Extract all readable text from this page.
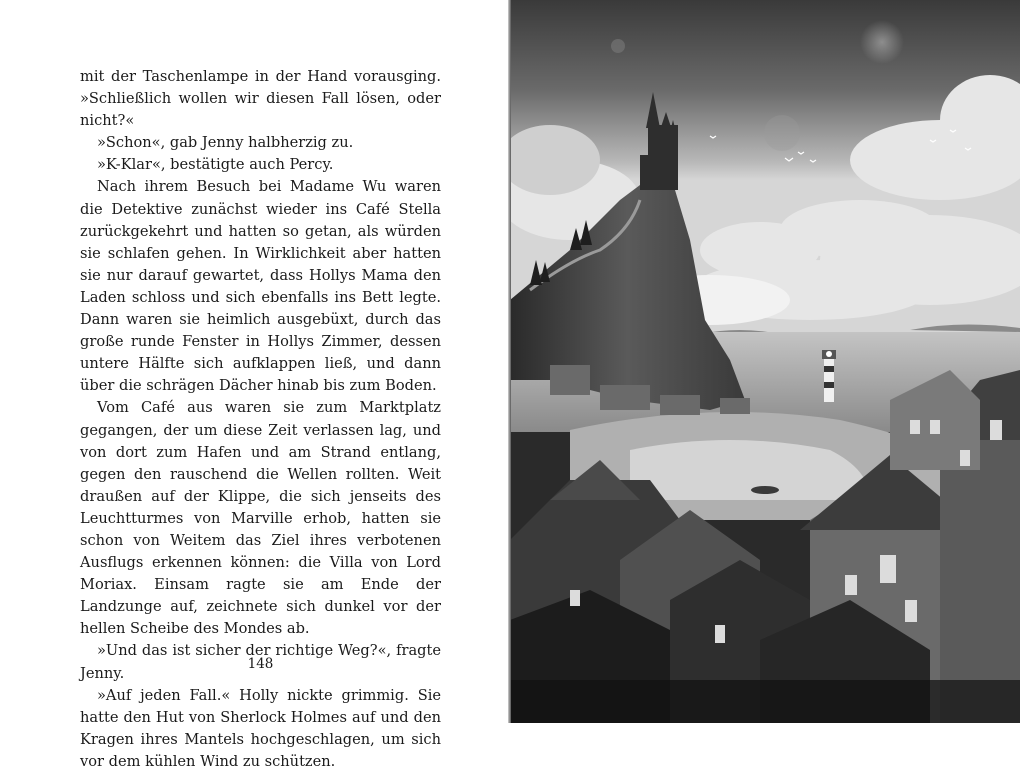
mit der Taschenlampe in der Hand vorausging. »Schließlich wollen wir diesen Fall lösen, oder nicht?«

»Schon«, gab Jenny halbherzig zu.

»K-Klar«, bestätigte auch Percy.

Nach ihrem Besuch bei Madame Wu waren die Detektive zunächst wieder ins Café Stella zurückgekehrt und hatten so getan, als würden sie schlafen gehen. In Wirklichkeit aber hatten sie nur darauf gewartet, dass Hollys Mama den Laden schloss und sich ebenfalls ins Bett legte. Dann waren sie heimlich ausgebüxt, durch das große runde Fenster in Hollys Zimmer, dessen untere Hälfte sich aufklappen ließ, und dann über die schrägen Dächer hinab bis zum Boden.

Vom Café aus waren sie zum Marktplatz gegangen, der um diese Zeit verlassen lag, und von dort zum Hafen und am Strand entlang, gegen den rauschend die Wellen rollten. Weit draußen auf der Klippe, die sich jenseits des Leuchtturmes von Marville erhob, hatten sie schon von Weitem das Ziel ihres verbotenen Ausflugs erkennen können: die Villa von Lord Moriax. Einsam ragte sie am Ende der Landzunge auf, zeichnete sich dunkel vor der hellen Scheibe des Mondes ab.

»Und das ist sicher der richtige Weg?«, fragte Jenny.

»Auf jeden Fall.« Holly nickte grimmig. Sie hatte den Hut von Sherlock Holmes auf und den Kragen ihres Mantels hochgeschlagen, um sich vor dem kühlen Wind zu schützen.

148
